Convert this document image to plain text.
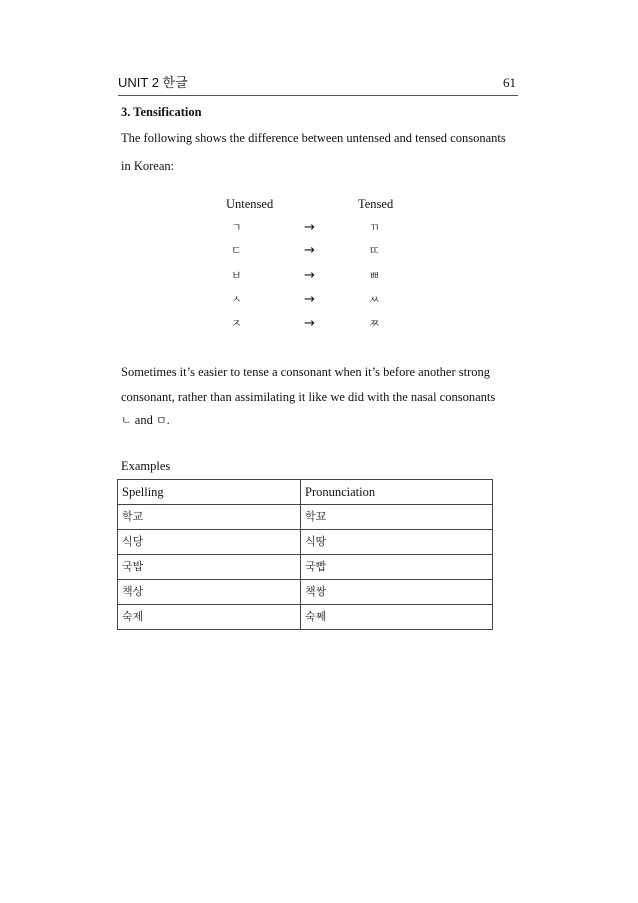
UNIT 2 한글	61
3. Tensification
The following shows the difference between untensed and tensed consonants
in Korean:
Untensed	Tensed
ㄱ	→	ㄲ
ㄷ	→	ㄸ
ㅂ	→	ㅃ
ㅅ	→	ㅆ
ㅈ	→	ㅉ
Sometimes it’s easier to tense a consonant when it’s before another strong
consonant, rather than assimilating it like we did with the nasal consonants
ㄴ and ㅁ.
Examples
Spelling	Pronunciation
학교	학꾜
식당	식땅
국밥	국빱
책상	책쌍
숙제	숙쩨
